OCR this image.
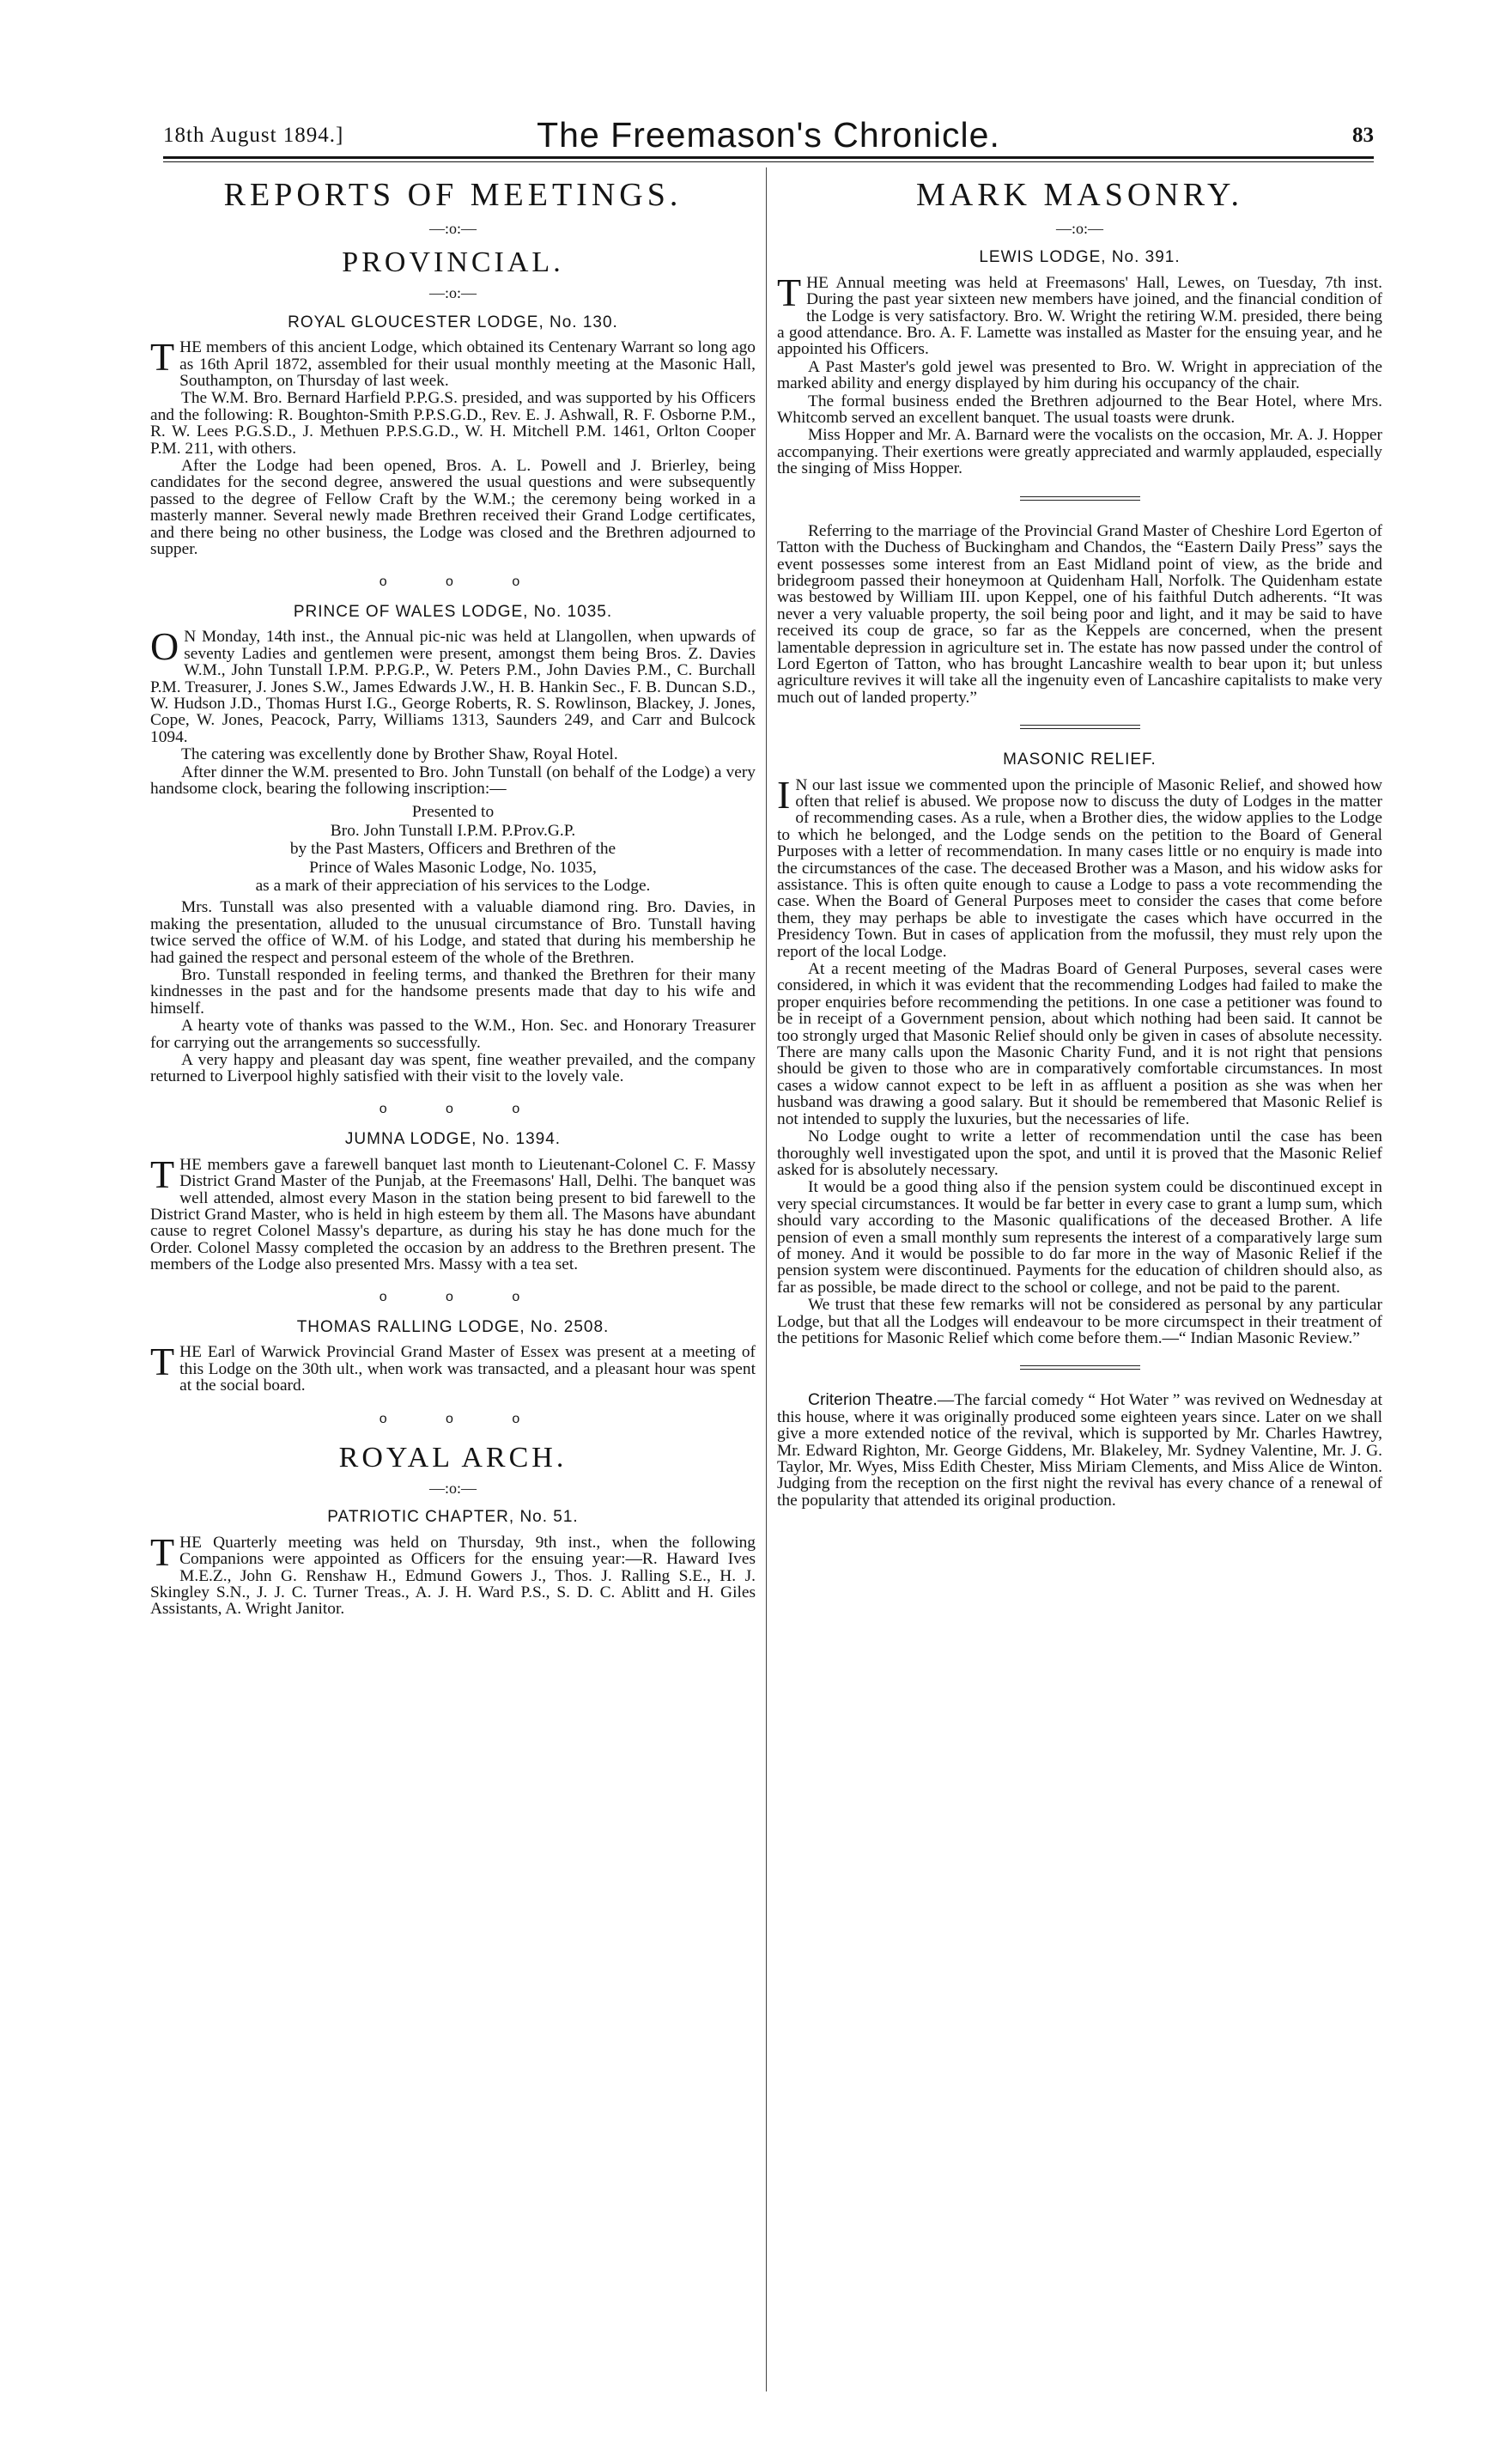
18th August 1894.]	The Freemason's Chronicle.	83
REPORTS OF MEETINGS.
—:o:—
PROVINCIAL.
—:o:—
ROYAL GLOUCESTER LODGE, No. 130.

THE members of this ancient Lodge, which obtained its Centenary Warrant so long ago as 16th April 1872, assembled for their usual monthly meeting at the Masonic Hall, Southampton, on Thursday of last week.

The W.M. Bro. Bernard Harfield P.P.G.S. presided, and was supported by his Officers and the following: R. Boughton-Smith P.P.S.G.D., Rev. E. J. Ashwall, R. F. Osborne P.M., R. W. Lees P.G.S.D., J. Methuen P.P.S.G.D., W. H. Mitchell P.M. 1461, Orlton Cooper P.M. 211, with others.

After the Lodge had been opened, Bros. A. L. Powell and J. Brierley, being candidates for the second degree, answered the usual questions and were subsequently passed to the degree of Fellow Craft by the W.M.; the ceremony being worked in a masterly manner. Several newly made Brethren received their Grand Lodge certificates, and there being no other business, the Lodge was closed and the Brethren adjourned to supper.

o o o
PRINCE OF WALES LODGE, No. 1035.

O N Monday, 14th inst., the Annual pic-nic was held at Llangollen, when upwards of seventy Ladies and gentlemen were present, amongst them being Bros. Z. Davies W.M., John Tunstall I.P.M. P.P.G.P., W. Peters P.M., John Davies P.M., C. Burchall P.M. Treasurer, J. Jones S.W., James Edwards J.W., H. B. Hankin Sec., F. B. Duncan S.D., W. Hudson J.D., Thomas Hurst I.G., George Roberts, R. S. Rowlinson, Blackey, J. Jones, Cope, W. Jones, Peacock, Parry, Williams 1313, Saunders 249, and Carr and Bulcock 1094.

The catering was excellently done by Brother Shaw, Royal Hotel.

After dinner the W.M. presented to Bro. John Tunstall (on behalf of the Lodge) a very handsome clock, bearing the following inscription:—

Presented to
Bro. John Tunstall I.P.M. P.Prov.G.P.
by the Past Masters, Officers and Brethren of the
Prince of Wales Masonic Lodge, No. 1035,
as a mark of their appreciation of his services to the Lodge.

Mrs. Tunstall was also presented with a valuable diamond ring. Bro. Davies, in making the presentation, alluded to the unusual circumstance of Bro. Tunstall having twice served the office of W.M. of his Lodge, and stated that during his membership he had gained the respect and personal esteem of the whole of the Brethren.

Bro. Tunstall responded in feeling terms, and thanked the Brethren for their many kindnesses in the past and for the handsome presents made that day to his wife and himself.

A hearty vote of thanks was passed to the W.M., Hon. Sec. and Honorary Treasurer for carrying out the arrangements so successfully.

A very happy and pleasant day was spent, fine weather prevailed, and the company returned to Liverpool highly satisfied with their visit to the lovely vale.

o o o
JUMNA LODGE, No. 1394.

THE members gave a farewell banquet last month to Lieutenant-Colonel C. F. Massy District Grand Master of the Punjab, at the Freemasons' Hall, Delhi. The banquet was well attended, almost every Mason in the station being present to bid farewell to the District Grand Master, who is held in high esteem by them all. The Masons have abundant cause to regret Colonel Massy's departure, as during his stay he has done much for the Order. Colonel Massy completed the occasion by an address to the Brethren present. The members of the Lodge also presented Mrs. Massy with a tea set.

o o o
THOMAS RALLING LODGE, No. 2508.

THE Earl of Warwick Provincial Grand Master of Essex was present at a meeting of this Lodge on the 30th ult., when work was transacted, and a pleasant hour was spent at the social board.

o o o
ROYAL ARCH.
—:o:—
PATRIOTIC CHAPTER, No. 51.

THE Quarterly meeting was held on Thursday, 9th inst., when the following Companions were appointed as Officers for the ensuing year:—R. Haward Ives M.E.Z., John G. Renshaw H., Edmund Gowers J., Thos. J. Ralling S.E., H. J. Skingley S.N., J. J. C. Turner Treas., A. J. H. Ward P.S., S. D. C. Ablitt and H. Giles Assistants, A. Wright Janitor.

MARK MASONRY.
—:o:—
LEWIS LODGE, No. 391.

THE Annual meeting was held at Freemasons' Hall, Lewes, on Tuesday, 7th inst. During the past year sixteen new members have joined, and the financial condition of the Lodge is very satisfactory. Bro. W. Wright the retiring W.M. presided, there being a good attendance. Bro. A. F. Lamette was installed as Master for the ensuing year, and he appointed his Officers.

A Past Master's gold jewel was presented to Bro. W. Wright in appreciation of the marked ability and energy displayed by him during his occupancy of the chair.

The formal business ended the Brethren adjourned to the Bear Hotel, where Mrs. Whitcomb served an excellent banquet. The usual toasts were drunk.

Miss Hopper and Mr. A. Barnard were the vocalists on the occasion, Mr. A. J. Hopper accompanying. Their exertions were greatly appreciated and warmly applauded, especially the singing of Miss Hopper.

Referring to the marriage of the Provincial Grand Master of Cheshire Lord Egerton of Tatton with the Duchess of Buckingham and Chandos, the “Eastern Daily Press” says the event possesses some interest from an East Midland point of view, as the bride and bridegroom passed their honeymoon at Quidenham Hall, Norfolk. The Quidenham estate was bestowed by William III. upon Keppel, one of his faithful Dutch adherents. “It was never a very valuable property, the soil being poor and light, and it may be said to have received its coup de grace, so far as the Keppels are concerned, when the present lamentable depression in agriculture set in. The estate has now passed under the control of Lord Egerton of Tatton, who has brought Lancashire wealth to bear upon it; but unless agriculture revives it will take all the ingenuity even of Lancashire capitalists to make very much out of landed property.”

MASONIC RELIEF.

I N our last issue we commented upon the principle of Masonic Relief, and showed how often that relief is abused. We propose now to discuss the duty of Lodges in the matter of recommending cases. As a rule, when a Brother dies, the widow applies to the Lodge to which he belonged, and the Lodge sends on the petition to the Board of General Purposes with a letter of recommendation. In many cases little or no enquiry is made into the circumstances of the case. The deceased Brother was a Mason, and his widow asks for assistance. This is often quite enough to cause a Lodge to pass a vote recommending the case. When the Board of General Purposes meet to consider the cases that come before them, they may perhaps be able to investigate the cases which have occurred in the Presidency Town. But in cases of application from the mofussil, they must rely upon the report of the local Lodge.

At a recent meeting of the Madras Board of General Purposes, several cases were considered, in which it was evident that the recommending Lodges had failed to make the proper enquiries before recommending the petitions. In one case a petitioner was found to be in receipt of a Government pension, about which nothing had been said. It cannot be too strongly urged that Masonic Relief should only be given in cases of absolute necessity. There are many calls upon the Masonic Charity Fund, and it is not right that pensions should be given to those who are in comparatively comfortable circumstances. In most cases a widow cannot expect to be left in as affluent a position as she was when her husband was drawing a good salary. But it should be remembered that Masonic Relief is not intended to supply the luxuries, but the necessaries of life.

No Lodge ought to write a letter of recommendation until the case has been thoroughly well investigated upon the spot, and until it is proved that the Masonic Relief asked for is absolutely necessary.

It would be a good thing also if the pension system could be discontinued except in very special circumstances. It would be far better in every case to grant a lump sum, which should vary according to the Masonic qualifications of the deceased Brother. A life pension of even a small monthly sum represents the interest of a comparatively large sum of money. And it would be possible to do far more in the way of Masonic Relief if the pension system were discontinued. Payments for the education of children should also, as far as possible, be made direct to the school or college, and not be paid to the parent.

We trust that these few remarks will not be considered as personal by any particular Lodge, but that all the Lodges will endeavour to be more circumspect in their treatment of the petitions for Masonic Relief which come before them.—“ Indian Masonic Review.”

Criterion Theatre.—The farcial comedy “ Hot Water ” was revived on Wednesday at this house, where it was originally produced some eighteen years since. Later on we shall give a more extended notice of the revival, which is supported by Mr. Charles Hawtrey, Mr. Edward Righton, Mr. George Giddens, Mr. Blakeley, Mr. Sydney Valentine, Mr. J. G. Taylor, Mr. Wyes, Miss Edith Chester, Miss Miriam Clements, and Miss Alice de Winton. Judging from the reception on the first night the revival has every chance of a renewal of the popularity that attended its original production.
